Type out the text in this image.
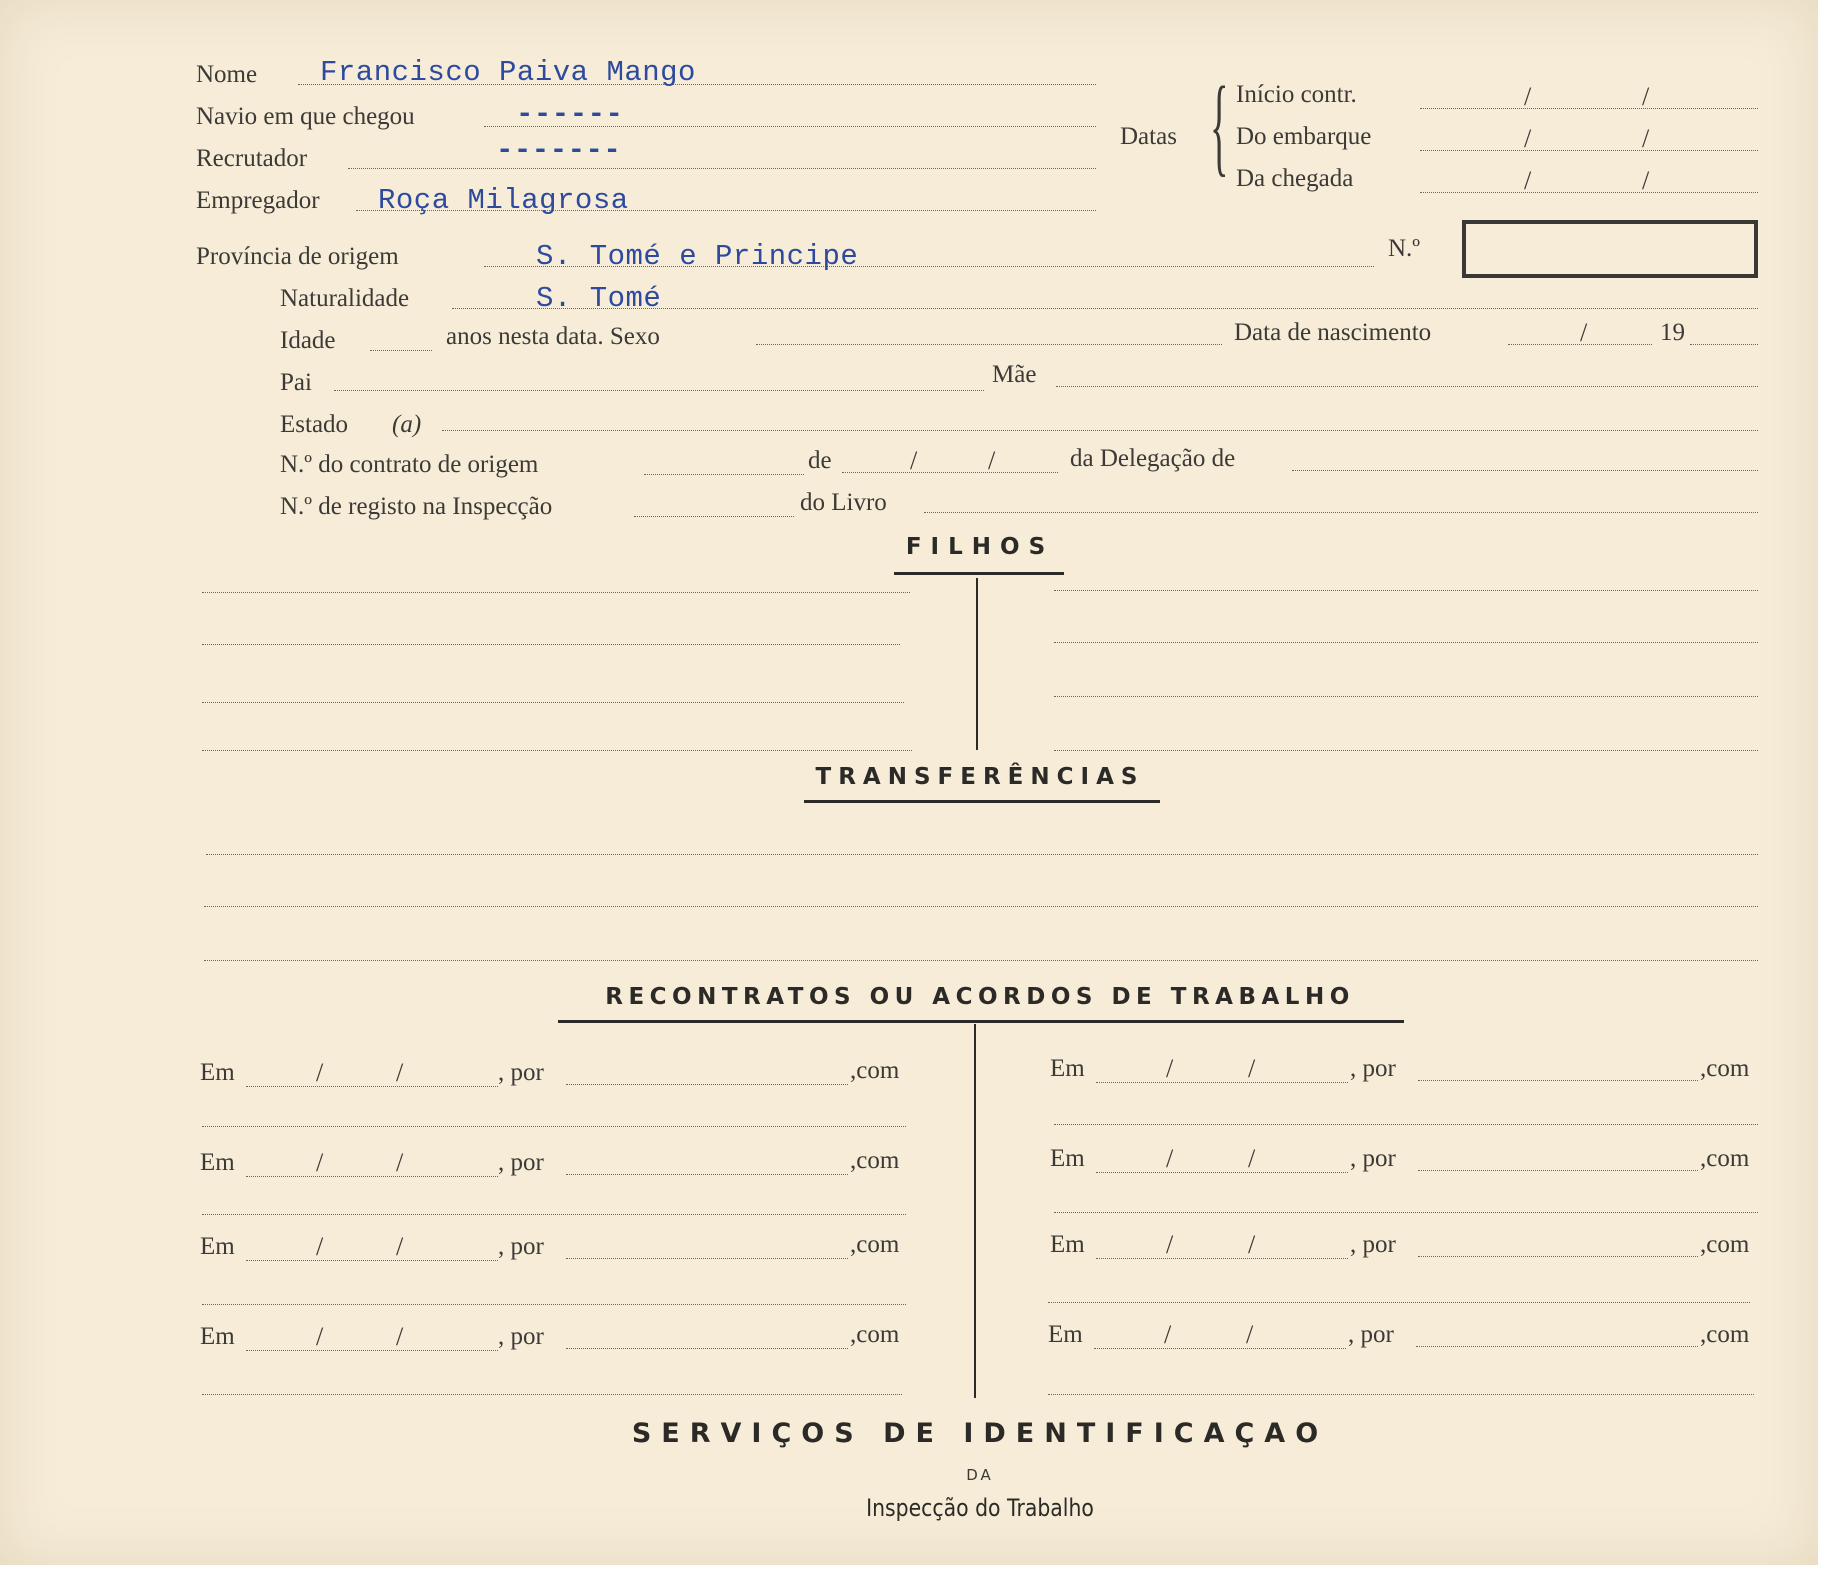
Nome Francisco Paiva Mango
Navio em que chegou	------
Recrutador	-------
Empregador Roça Milagrosa
Datas { Início contr.	/	/
Do embarque	/	/
Da chegada	/	/
Província de origem	S. Tomé e Principe	N.º
Naturalidade	S. Tomé
Idade	anos nesta data. Sexo	Data de nascimento	/	19
Pai	Mãe
Estado (a)
N.º do contrato de origem	de	/	/	da Delegação de
N.º de registo na Inspecção	do Livro
FILHOS
TRANSFERÊNCIAS
RECONTRATOS OU ACORDOS DE TRABALHO
Em	/	/	, por	,com
Em	/	/	, por	,com
Em	/	/	, por	,com
Em	/	/	, por	,com
Em	/	/	, por	,com
Em	/	/	, por	,com
Em	/	/	, por	,com
Em	/	/	, por	,com
SERVIÇOS DE IDENTIFICAÇAO
DA
Inspecção do Trabalho
